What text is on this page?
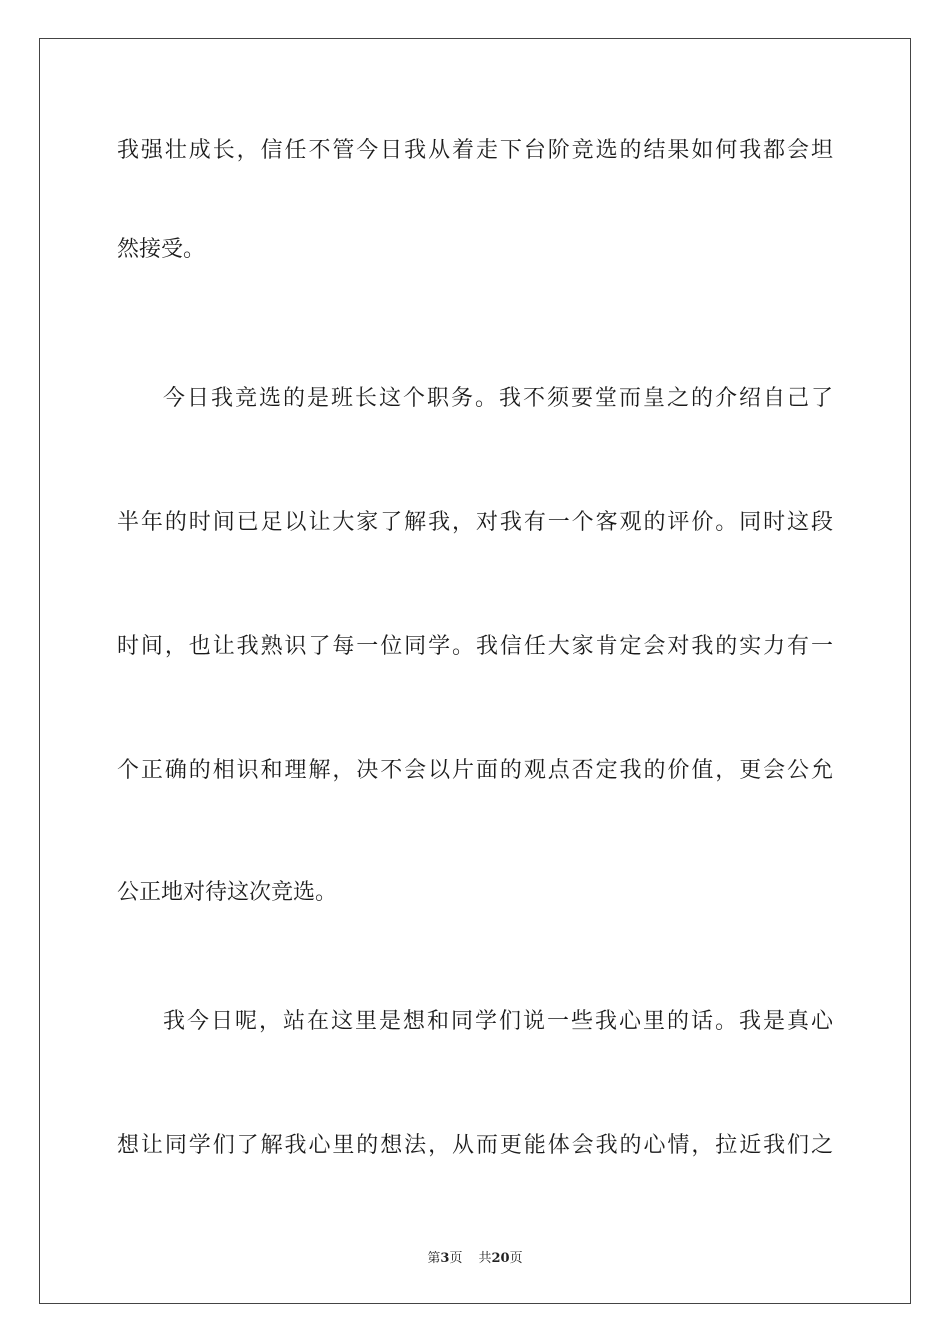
我强壮成长，信任不管今日我从着走下台阶竞选的结果如何我都会坦
然接受。
今日我竞选的是班长这个职务。我不须要堂而皇之的介绍自己了
半年的时间已足以让大家了解我，对我有一个客观的评价。同时这段
时间，也让我熟识了每一位同学。我信任大家肯定会对我的实力有一
个正确的相识和理解，决不会以片面的观点否定我的价值，更会公允
公正地对待这次竞选。
我今日呢，站在这里是想和同学们说一些我心里的话。我是真心
想让同学们了解我心里的想法，从而更能体会我的心情，拉近我们之
第3页 共20页
